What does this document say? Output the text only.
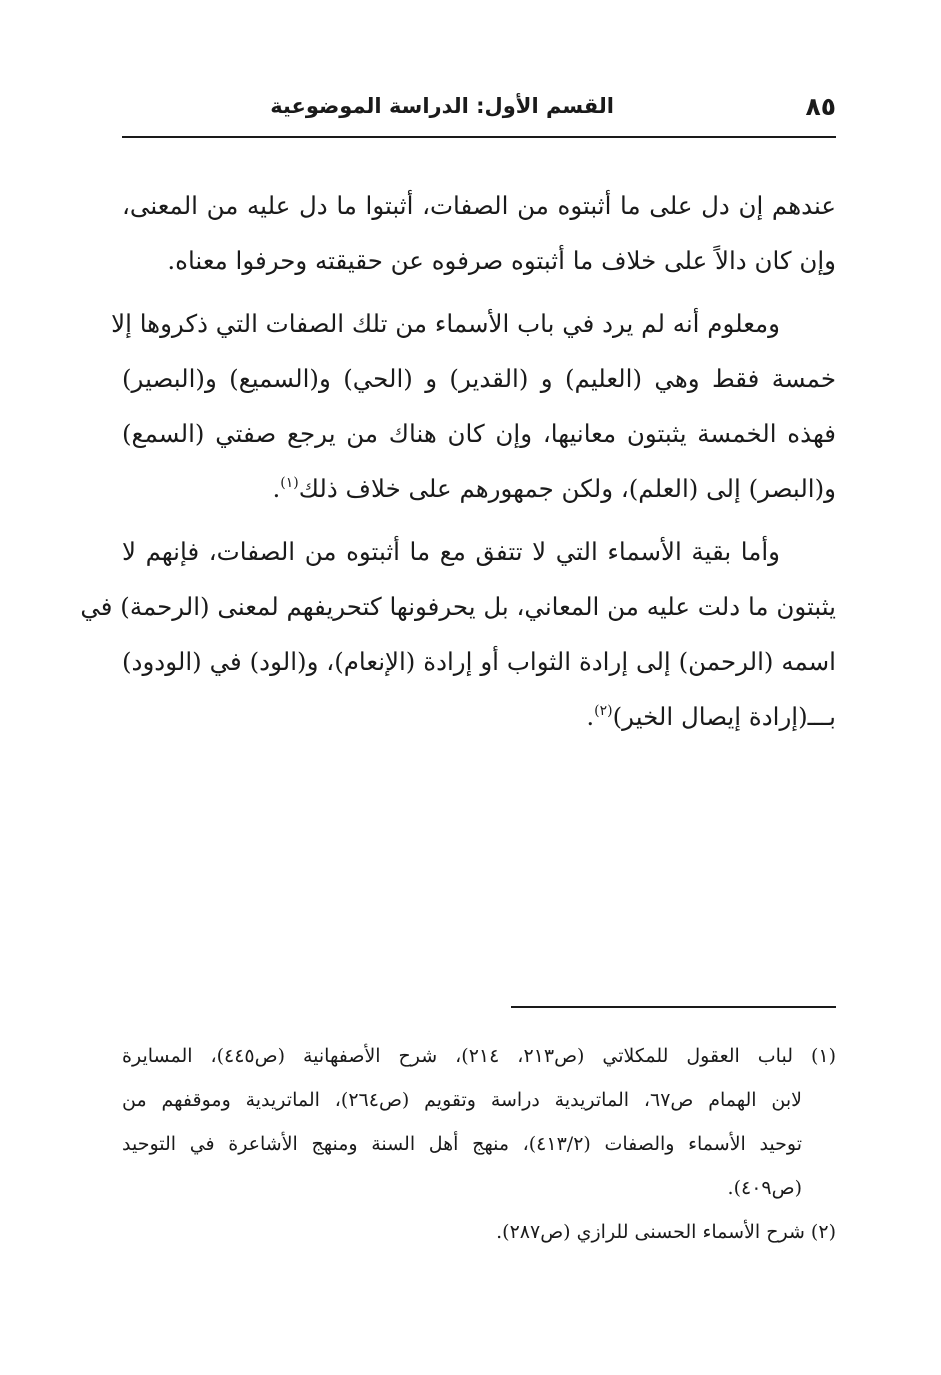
٨٥
القسم الأول: الدراسة الموضوعية
عندهم إن دل على ما أثبتوه من الصفات، أثبتوا ما دل عليه من المعنى،
وإن كان دالاً على خلاف ما أثبتوه صرفوه عن حقيقته وحرفوا معناه.
ومعلوم أنه لم يرد في باب الأسماء من تلك الصفات التي ذكروها إلا
خمسة فقط وهي (العليم) و (القدير) و (الحي) و(السميع) و(البصير)
فهذه الخمسة يثبتون معانيها، وإن كان هناك من يرجع صفتي (السمع)
و(البصر) إلى (العلم)، ولكن جمهورهم على خلاف ذلك$^{(١)}$.
وأما بقية الأسماء التي لا تتفق مع ما أثبتوه من الصفات، فإنهم لا
يثبتون ما دلت عليه من المعاني، بل يحرفونها كتحريفهم لمعنى (الرحمة) في
اسمه (الرحمن) إلى إرادة الثواب أو إرادة (الإنعام)، و(الود) في (الودود)
بـــ(إرادة إيصال الخير)$^{(٢)}$.
(١) لباب العقول للمكلاتي (ص٢١٣، ٢١٤)، شرح الأصفهانية (ص٤٤٥)، المسايرة
لابن الهمام ص٦٧، الماتريدية دراسة وتقويم (ص٢٦٤)، الماتريدية وموقفهم من
توحيد الأسماء والصفات (٤١٣/٢)، منهج أهل السنة ومنهج الأشاعرة في التوحيد
(ص٤٠٩).
(٢) شرح الأسماء الحسنى للرازي (ص٢٨٧).
